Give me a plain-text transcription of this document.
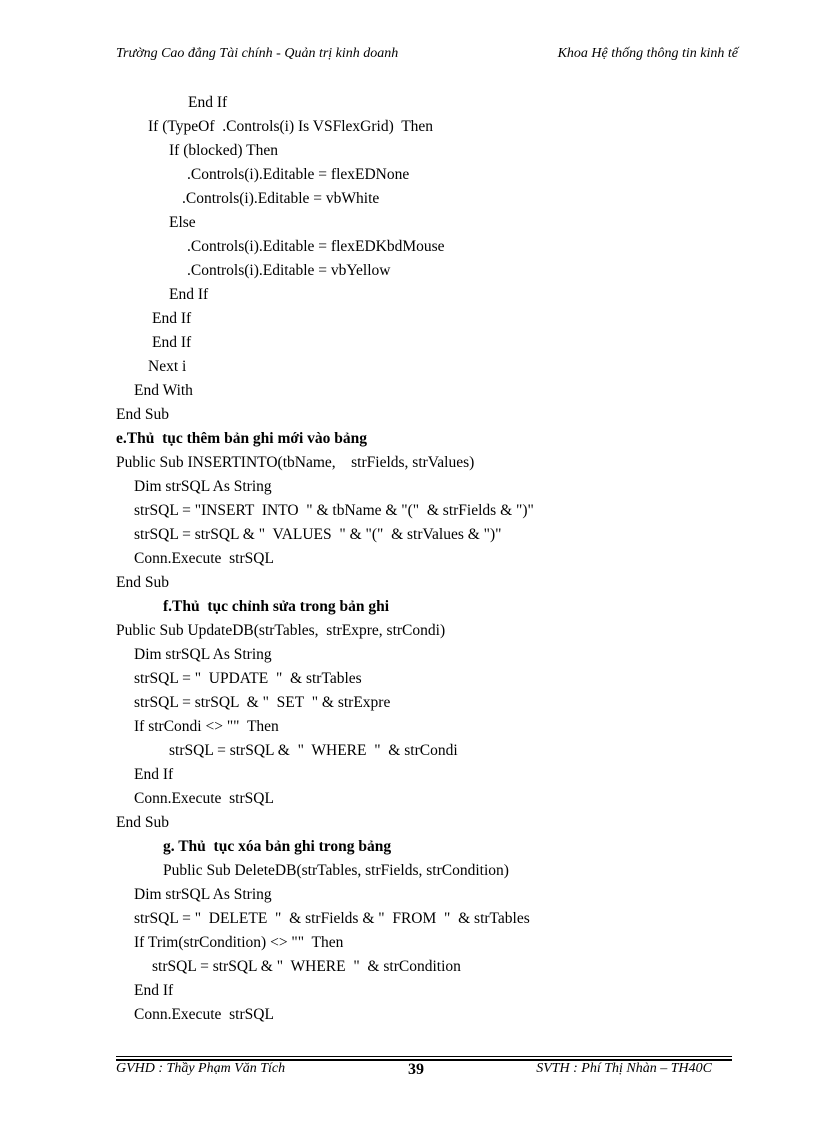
Trường Cao đẳng Tài chính - Quản trị kinh doanh	Khoa Hệ thống thông tin kinh tế
End If
If (TypeOf  .Controls(i) Is VSFlexGrid)  Then
If (blocked) Then
.Controls(i).Editable = flexEDNone
.Controls(i).Editable = vbWhite
Else
.Controls(i).Editable = flexEDKbdMouse
.Controls(i).Editable = vbYellow
End If
End If
End If
Next i
End With
End Sub
e.Thủ  tục thêm bản ghi mới vào bảng
Public Sub INSERTINTO(tbName,    strFields, strValues)
Dim strSQL As String
strSQL = "INSERT  INTO  " & tbName & "("  & strFields & ")"
strSQL = strSQL & "  VALUES  " & "("  & strValues & ")"
Conn.Execute  strSQL
End Sub
f.Thủ  tục chỉnh sửa trong bản ghi
Public Sub UpdateDB(strTables,  strExpre, strCondi)
Dim strSQL As String
strSQL = "  UPDATE  "  & strTables
strSQL = strSQL  & "  SET  " & strExpre
If strCondi <> ""  Then
strSQL = strSQL &  "  WHERE  "  & strCondi
End If
Conn.Execute  strSQL
End Sub
g. Thủ  tục xóa bản ghi trong bảng
Public Sub DeleteDB(strTables, strFields, strCondition)
Dim strSQL As String
strSQL = "  DELETE  "  & strFields & "  FROM  "  & strTables
If Trim(strCondition) <> ""  Then
strSQL = strSQL & "  WHERE  "  & strCondition
End If
Conn.Execute  strSQL
GVHD : Thầy Phạm Văn Tích	39	SVTH : Phí Thị Nhàn – TH40C
